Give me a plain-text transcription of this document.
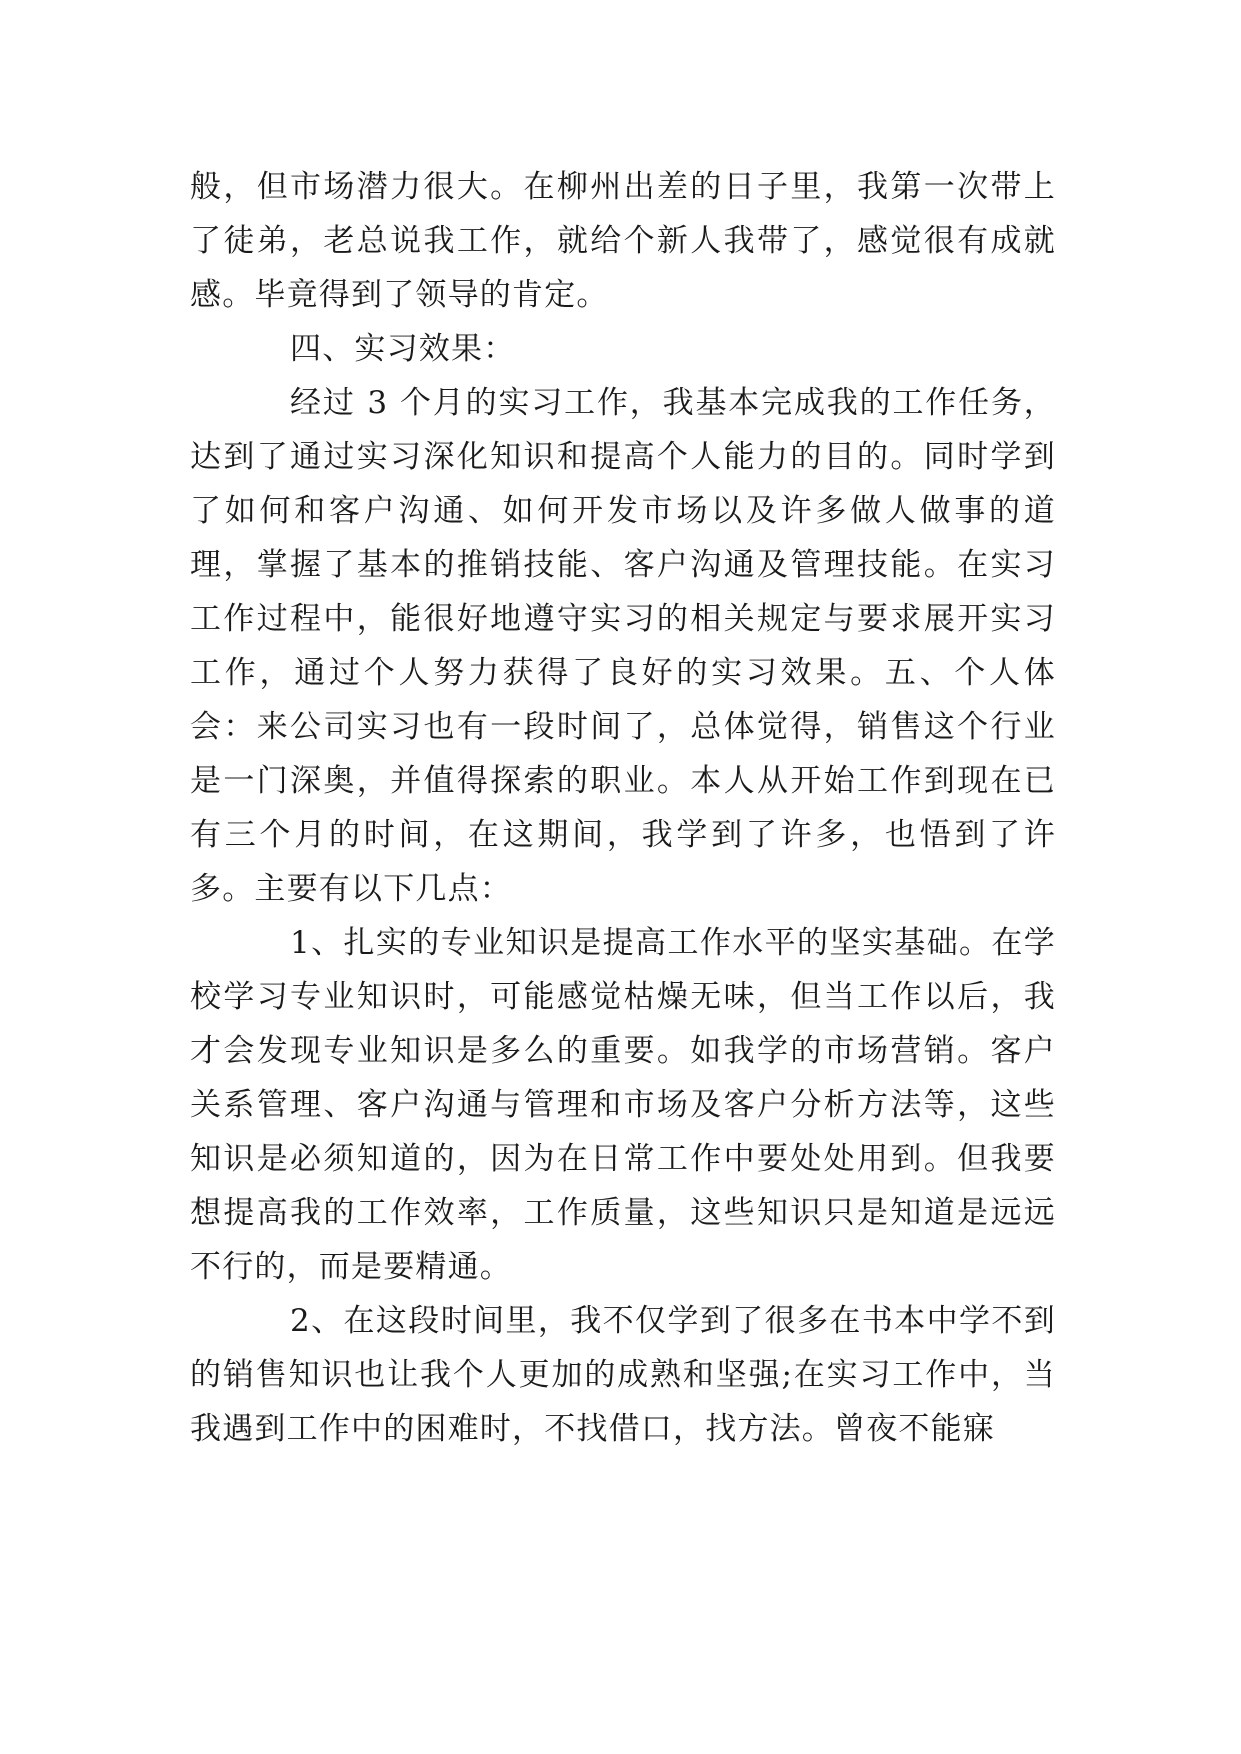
般，但市场潜力很大。在柳州出差的日子里，我第一次带上了徒弟，老总说我工作，就给个新人我带了，感觉很有成就感。毕竟得到了领导的肯定。

四、实习效果：

经过 3 个月的实习工作，我基本完成我的工作任务，达到了通过实习深化知识和提高个人能力的目的。同时学到了如何和客户沟通、如何开发市场以及许多做人做事的道理，掌握了基本的推销技能、客户沟通及管理技能。在实习工作过程中，能很好地遵守实习的相关规定与要求展开实习工作，通过个人努力获得了良好的实习效果。五、个人体会：来公司实习也有一段时间了，总体觉得，销售这个行业是一门深奥，并值得探索的职业。本人从开始工作到现在已有三个月的时间，在这期间，我学到了许多，也悟到了许多。主要有以下几点：

1、扎实的专业知识是提高工作水平的坚实基础。在学校学习专业知识时，可能感觉枯燥无味，但当工作以后，我才会发现专业知识是多么的重要。如我学的市场营销。客户关系管理、客户沟通与管理和市场及客户分析方法等，这些知识是必须知道的，因为在日常工作中要处处用到。但我要想提高我的工作效率，工作质量，这些知识只是知道是远远不行的，而是要精通。

2、在这段时间里，我不仅学到了很多在书本中学不到的销售知识也让我个人更加的成熟和坚强;在实习工作中，当我遇到工作中的困难时，不找借口，找方法。曾夜不能寐
